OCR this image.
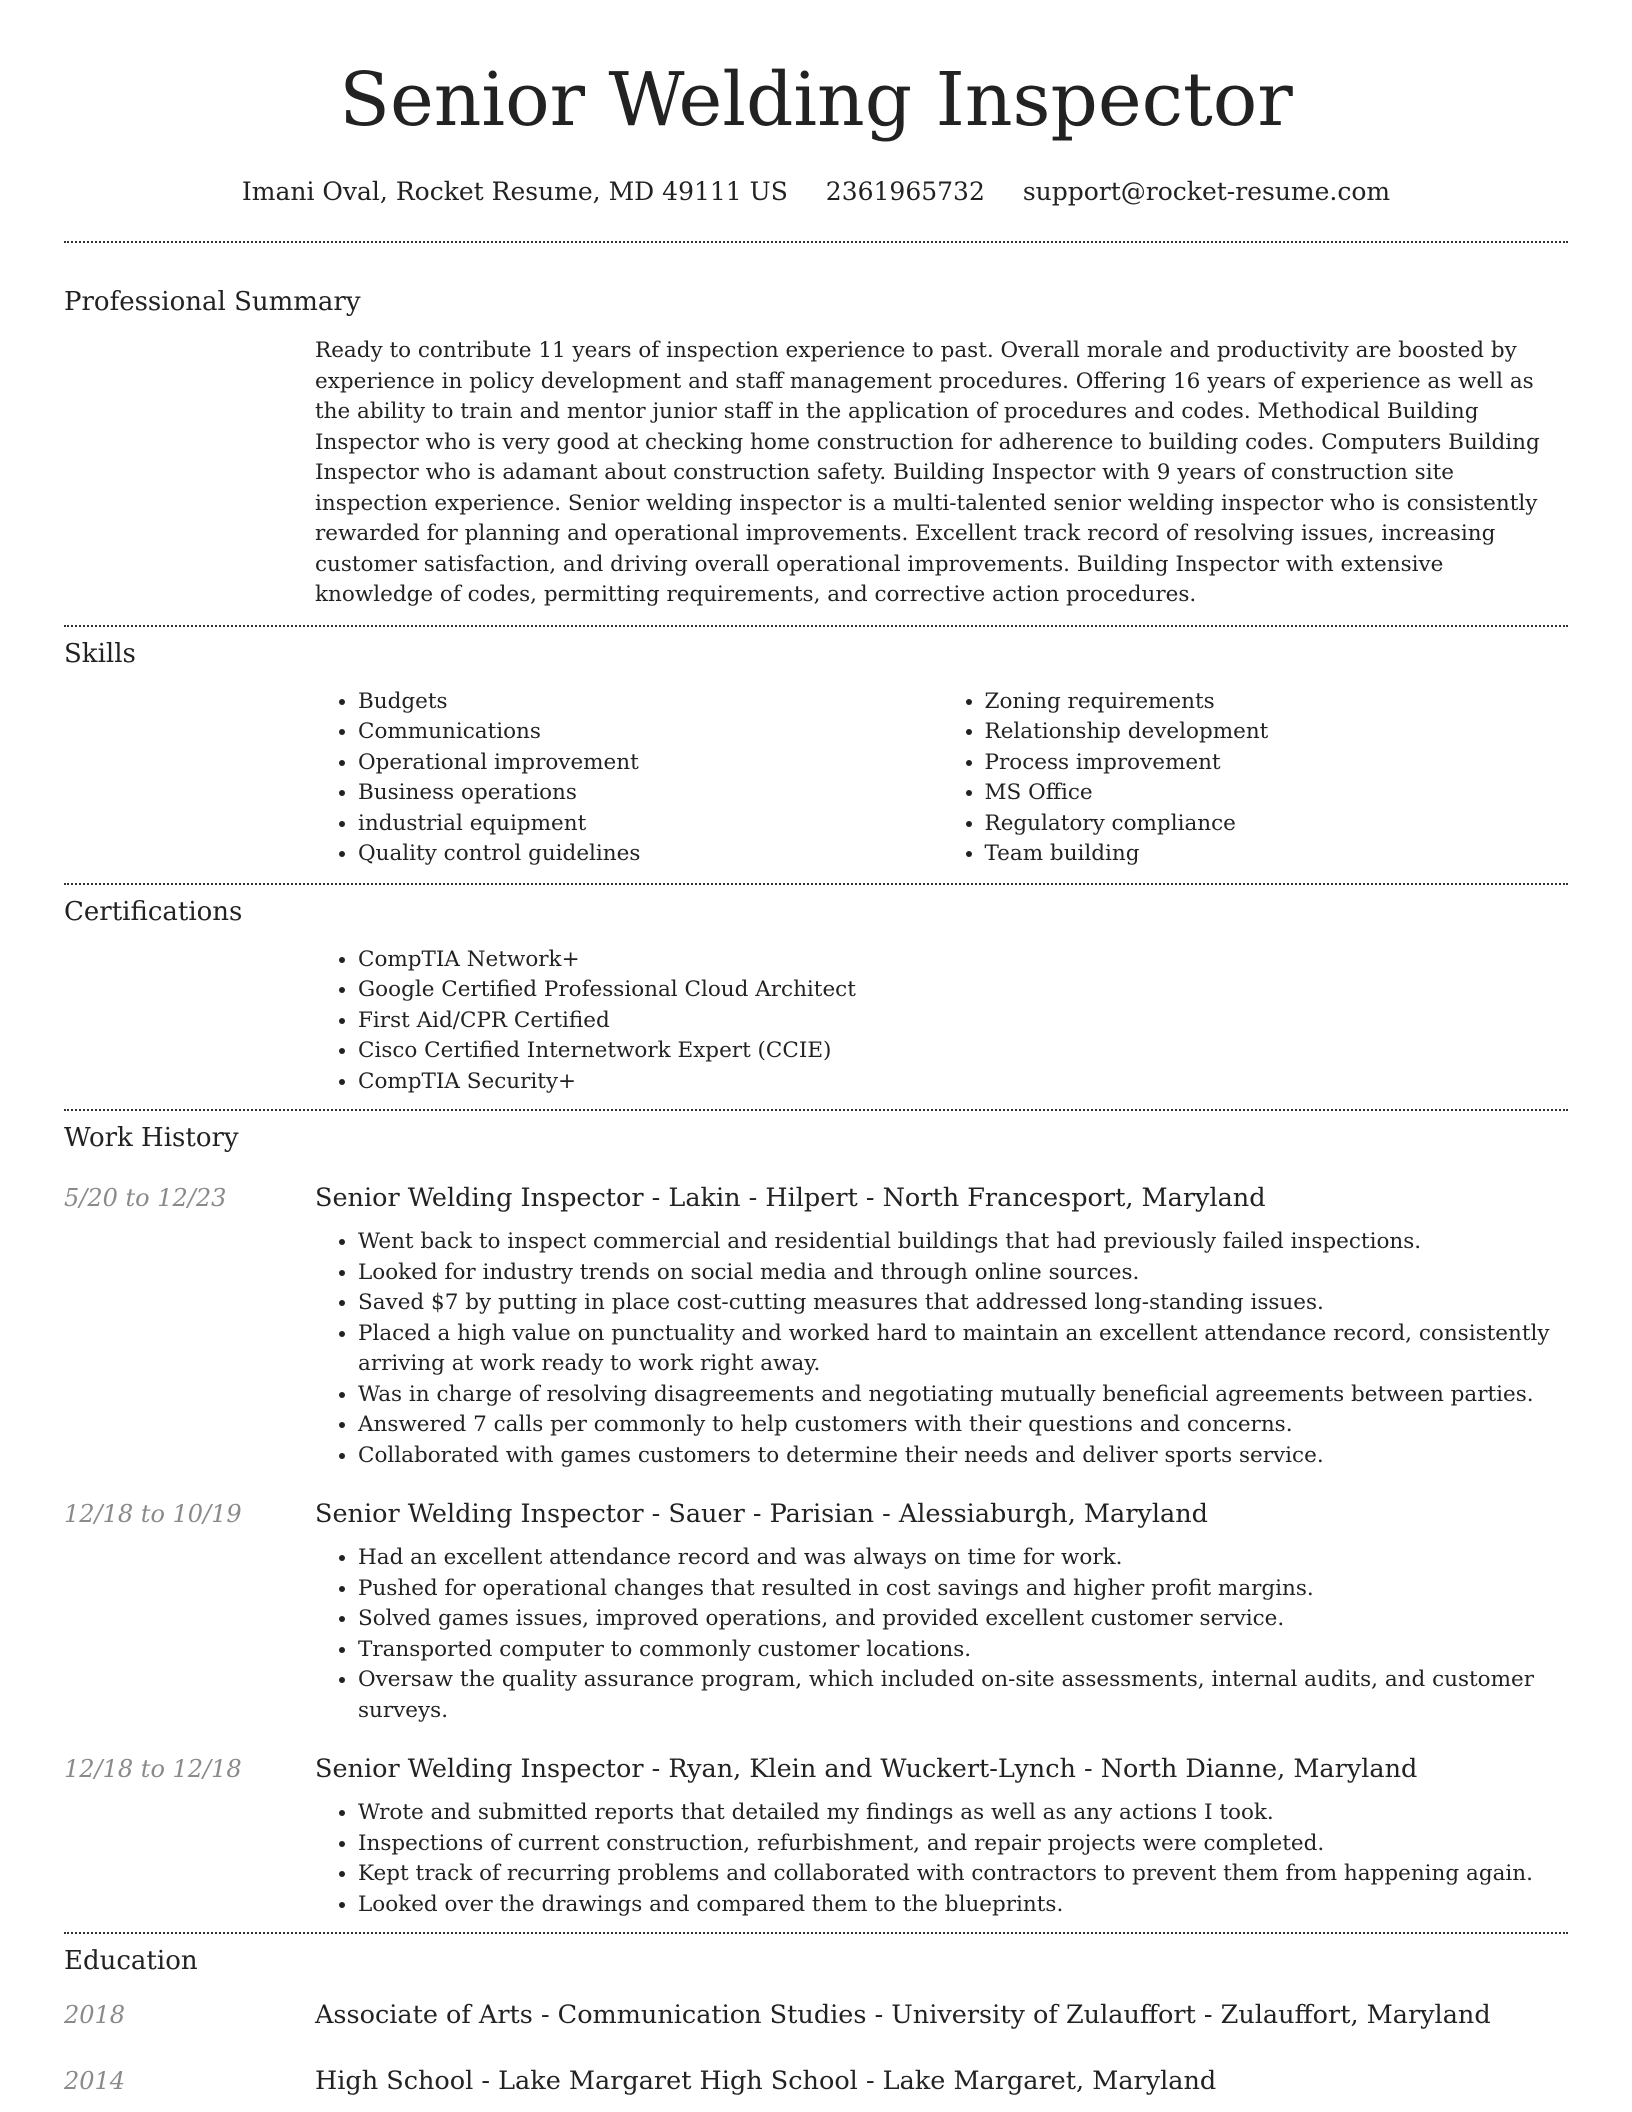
Senior Welding Inspector
Imani Oval, Rocket Resume, MD 49111 US 2361965732 support@rocket-resume.com
Professional Summary
Ready to contribute 11 years of inspection experience to past. Overall morale and productivity are boosted by experience in policy development and staff management procedures. Offering 16 years of experience as well as the ability to train and mentor junior staff in the application of procedures and codes. Methodical Building Inspector who is very good at checking home construction for adherence to building codes. Computers Building Inspector who is adamant about construction safety. Building Inspector with 9 years of construction site inspection experience. Senior welding inspector is a multi-talented senior welding inspector who is consistently rewarded for planning and operational improvements. Excellent track record of resolving issues, increasing customer satisfaction, and driving overall operational improvements. Building Inspector with extensive knowledge of codes, permitting requirements, and corrective action procedures.
Skills
• Budgets
• Communications
• Operational improvement
• Business operations
• industrial equipment
• Quality control guidelines
• Zoning requirements
• Relationship development
• Process improvement
• MS Office
• Regulatory compliance
• Team building
Certifications
• CompTIA Network+
• Google Certified Professional Cloud Architect
• First Aid/CPR Certified
• Cisco Certified Internetwork Expert (CCIE)
• CompTIA Security+
Work History
5/20 to 12/23	Senior Welding Inspector - Lakin - Hilpert - North Francesport, Maryland
• Went back to inspect commercial and residential buildings that had previously failed inspections.
• Looked for industry trends on social media and through online sources.
• Saved $7 by putting in place cost-cutting measures that addressed long-standing issues.
• Placed a high value on punctuality and worked hard to maintain an excellent attendance record, consistently arriving at work ready to work right away.
• Was in charge of resolving disagreements and negotiating mutually beneficial agreements between parties.
• Answered 7 calls per commonly to help customers with their questions and concerns.
• Collaborated with games customers to determine their needs and deliver sports service.
12/18 to 10/19	Senior Welding Inspector - Sauer - Parisian - Alessiaburgh, Maryland
• Had an excellent attendance record and was always on time for work.
• Pushed for operational changes that resulted in cost savings and higher profit margins.
• Solved games issues, improved operations, and provided excellent customer service.
• Transported computer to commonly customer locations.
• Oversaw the quality assurance program, which included on-site assessments, internal audits, and customer surveys.
12/18 to 12/18	Senior Welding Inspector - Ryan, Klein and Wuckert-Lynch - North Dianne, Maryland
• Wrote and submitted reports that detailed my findings as well as any actions I took.
• Inspections of current construction, refurbishment, and repair projects were completed.
• Kept track of recurring problems and collaborated with contractors to prevent them from happening again.
• Looked over the drawings and compared them to the blueprints.
Education
2018	Associate of Arts - Communication Studies - University of Zulauffort - Zulauffort, Maryland
2014	High School - Lake Margaret High School - Lake Margaret, Maryland
